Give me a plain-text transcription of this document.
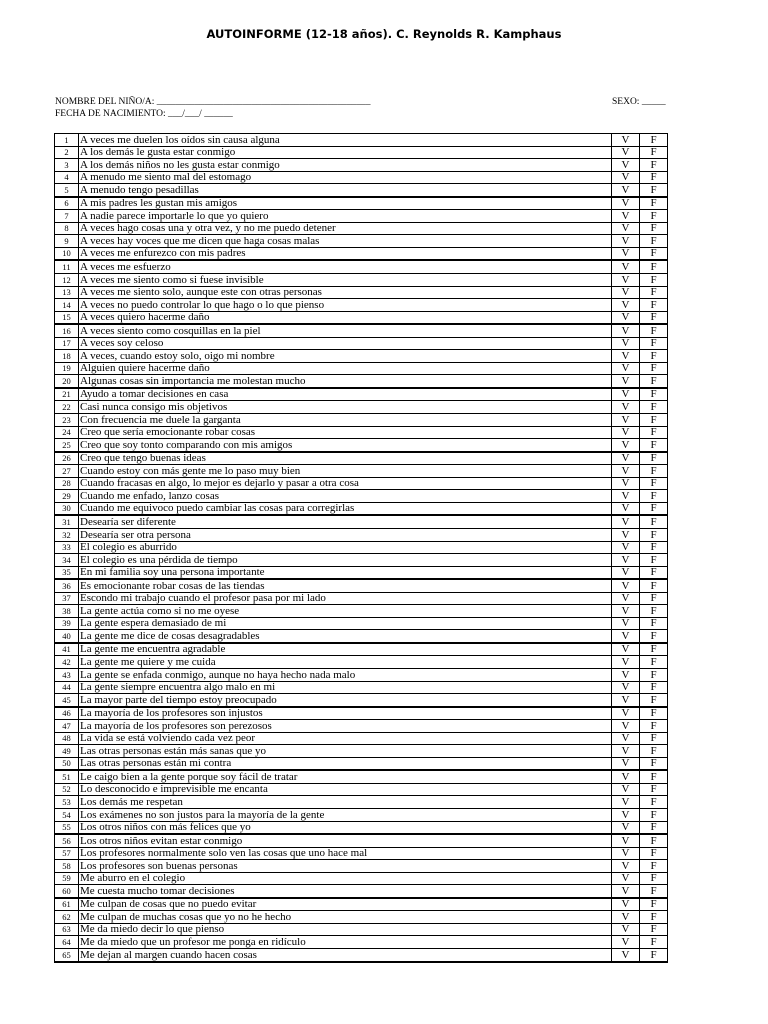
AUTOINFORME (12-18 años). C. Reynolds R. Kamphaus
NOMBRE DEL NIÑO/A: _____________________________________________	SEXO: _____
FECHA DE NACIMIENTO: ___/___/ ______
1	A veces me duelen los oídos sin causa alguna	V	F
2	A los demás le gusta estar conmigo	V	F
3	A los demás niños no les gusta estar conmigo	V	F
4	A menudo me siento mal del estomago	V	F
5	A menudo tengo pesadillas	V	F
6	A mis padres les gustan mis amigos	V	F
7	A nadie parece importarle lo que yo quiero	V	F
8	A veces hago cosas una y otra vez, y no me puedo detener	V	F
9	A veces hay voces que me dicen que haga cosas malas	V	F
10	A veces me enfurezco con mis padres	V	F
11	A veces me esfuerzo	V	F
12	A veces me siento como si fuese invisible	V	F
13	A veces me siento solo, aunque este con otras personas	V	F
14	A veces no puedo controlar lo que hago o lo que pienso	V	F
15	A veces quiero hacerme daño	V	F
16	A veces siento como cosquillas en la piel	V	F
17	A veces soy celoso	V	F
18	A veces, cuando estoy solo, oigo mi nombre	V	F
19	Alguien quiere hacerme daño	V	F
20	Algunas cosas sin importancia me molestan mucho	V	F
21	Ayudo a tomar decisiones en casa	V	F
22	Casi nunca consigo mis objetivos	V	F
23	Con frecuencia me duele la garganta	V	F
24	Creo que sería emocionante robar cosas	V	F
25	Creo que soy tonto comparando con mis amigos	V	F
26	Creo que tengo buenas ideas	V	F
27	Cuando estoy con más gente me lo paso muy bien	V	F
28	Cuando fracasas en algo, lo mejor es dejarlo y pasar a otra cosa	V	F
29	Cuando me enfado, lanzo cosas	V	F
30	Cuando me equivoco puedo cambiar las cosas para corregirlas	V	F
31	Desearía ser diferente	V	F
32	Desearía ser otra persona	V	F
33	El colegio es aburrido	V	F
34	El colegio es una pérdida de tiempo	V	F
35	En mi familia soy una persona importante	V	F
36	Es emocionante robar cosas de las tiendas	V	F
37	Escondo mi trabajo cuando el profesor pasa por mi lado	V	F
38	La gente actúa como si no me oyese	V	F
39	La gente espera demasiado de mi	V	F
40	La gente me dice de cosas desagradables	V	F
41	La gente me encuentra agradable	V	F
42	La gente me quiere y me cuida	V	F
43	La gente se enfada conmigo, aunque no haya hecho nada malo	V	F
44	La gente siempre encuentra algo malo en mi	V	F
45	La mayor parte del tiempo estoy preocupado	V	F
46	La mayoría de los profesores son injustos	V	F
47	La mayoría de los profesores son perezosos	V	F
48	La vida se está volviendo cada vez peor	V	F
49	Las otras personas están más sanas que yo	V	F
50	Las otras personas están mi contra	V	F
51	Le caigo bien a la gente porque soy fácil de tratar	V	F
52	Lo desconocido e imprevisible me encanta	V	F
53	Los demás me respetan	V	F
54	Los exámenes no son justos para la mayoría de la gente	V	F
55	Los otros niños con más felices que yo	V	F
56	Los otros niños evitan estar conmigo	V	F
57	Los profesores normalmente solo ven las cosas que uno hace mal	V	F
58	Los profesores son buenas personas	V	F
59	Me aburro en el colegio	V	F
60	Me cuesta mucho tomar decisiones	V	F
61	Me culpan de cosas que no puedo evitar	V	F
62	Me culpan de muchas cosas que yo no he hecho	V	F
63	Me da miedo decir lo que pienso	V	F
64	Me da miedo que un profesor me ponga en ridículo	V	F
65	Me dejan al margen cuando hacen cosas	V	F
